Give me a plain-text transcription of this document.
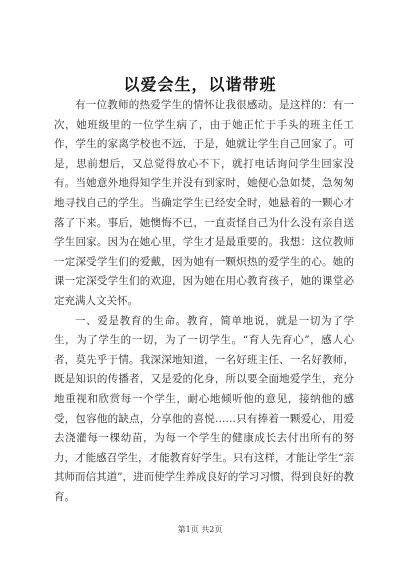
以爱会生，以谐带班

有一位教师的热爱学生的情怀让我很感动。是这样的：有一次，她班级里的一位学生病了，由于她正忙于手头的班主任工作，学生的家离学校也不远，于是，她就让学生自己回家了。可是，思前想后，又总觉得放心不下，就打电话询问学生回家没有。当她意外地得知学生并没有到家时，她便心急如焚，急匆匆地寻找自己的学生。当确定学生已经安全时，她悬着的一颗心才落了下来。事后，她懊悔不已，一直责怪自己为什么没有亲自送学生回家。因为在她心里，学生才是最重要的。我想：这位教师一定深受学生们的爱戴，因为她有一颗炽热的爱学生的心。她的课一定深受学生们的欢迎，因为她在用心教育孩子，她的课堂必定充满人文关怀。

一、爱是教育的生命。教育，简单地说，就是一切为了学生，为了学生的一切，为了一切学生。“育人先育心”，感人心者，莫先乎于情。我深深地知道，一名好班主任、一名好教师，既是知识的传播者，又是爱的化身，所以要全面地爱学生，充分地重视和欣赏每一个学生，耐心地倾听他的意见，接纳他的感受，包容他的缺点，分享他的喜悦……只有捧着一颗爱心，用爱去浇灌每一棵幼苗，为每一个学生的健康成长去付出所有的努力，才能感召学生，才能教育好学生。只有这样，才能让学生“亲其师而信其道”，进而使学生养成良好的学习习惯，得到良好的教育。

第1页 共2页
